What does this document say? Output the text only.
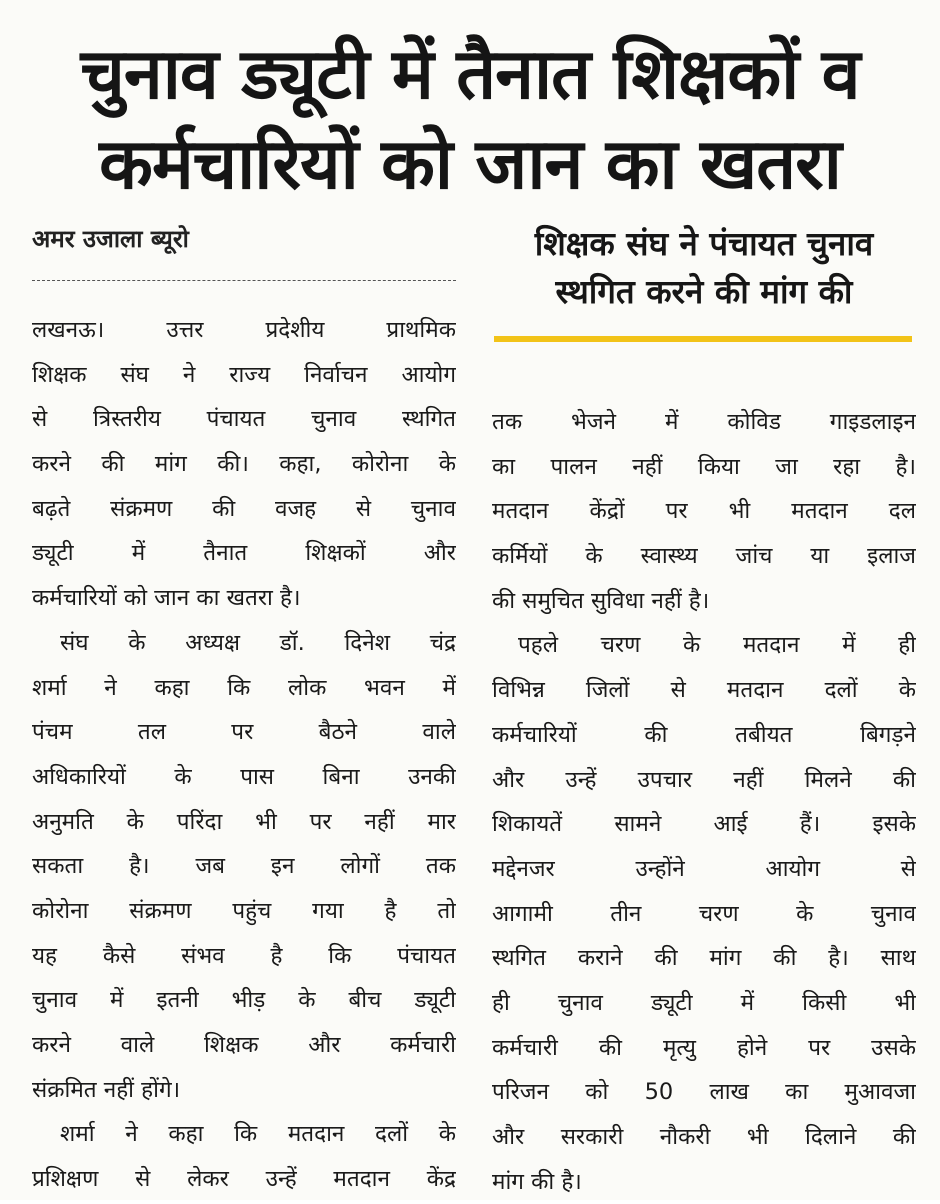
चुनाव ड्यूटी में तैनात शिक्षकों व
कर्मचारियों को जान का खतरा
अमर उजाला ब्यूरो	शिक्षक संघ ने पंचायत चुनाव
स्थगित करने की मांग की
लखनऊ। उत्तर प्रदेशीय प्राथमिक
शिक्षक संघ ने राज्य निर्वाचन आयोग
से त्रिस्तरीय पंचायत चुनाव स्थगित
करने की मांग की। कहा, कोरोना के
बढ़ते संक्रमण की वजह से चुनाव
ड्यूटी में तैनात शिक्षकों और
कर्मचारियों को जान का खतरा है।
संघ के अध्यक्ष डॉ. दिनेश चंद्र
शर्मा ने कहा कि लोक भवन में
पंचम तल पर बैठने वाले
अधिकारियों के पास बिना उनकी
अनुमति के परिंदा भी पर नहीं मार
सकता है। जब इन लोगों तक
कोरोना संक्रमण पहुंच गया है तो
यह कैसे संभव है कि पंचायत
चुनाव में इतनी भीड़ के बीच ड्यूटी
करने वाले शिक्षक और कर्मचारी
संक्रमित नहीं होंगे।
शर्मा ने कहा कि मतदान दलों के
प्रशिक्षण से लेकर उन्हें मतदान केंद्र
तक भेजने में कोविड गाइडलाइन
का पालन नहीं किया जा रहा है।
मतदान केंद्रों पर भी मतदान दल
कर्मियों के स्वास्थ्य जांच या इलाज
की समुचित सुविधा नहीं है।
पहले चरण के मतदान में ही
विभिन्न जिलों से मतदान दलों के
कर्मचारियों की तबीयत बिगड़ने
और उन्हें उपचार नहीं मिलने की
शिकायतें सामने आई हैं। इसके
मद्देनजर उन्होंने आयोग से
आगामी तीन चरण के चुनाव
स्थगित कराने की मांग की है। साथ
ही चुनाव ड्यूटी में किसी भी
कर्मचारी की मृत्यु होने पर उसके
परिजन को 50 लाख का मुआवजा
और सरकारी नौकरी भी दिलाने की
मांग की है।
